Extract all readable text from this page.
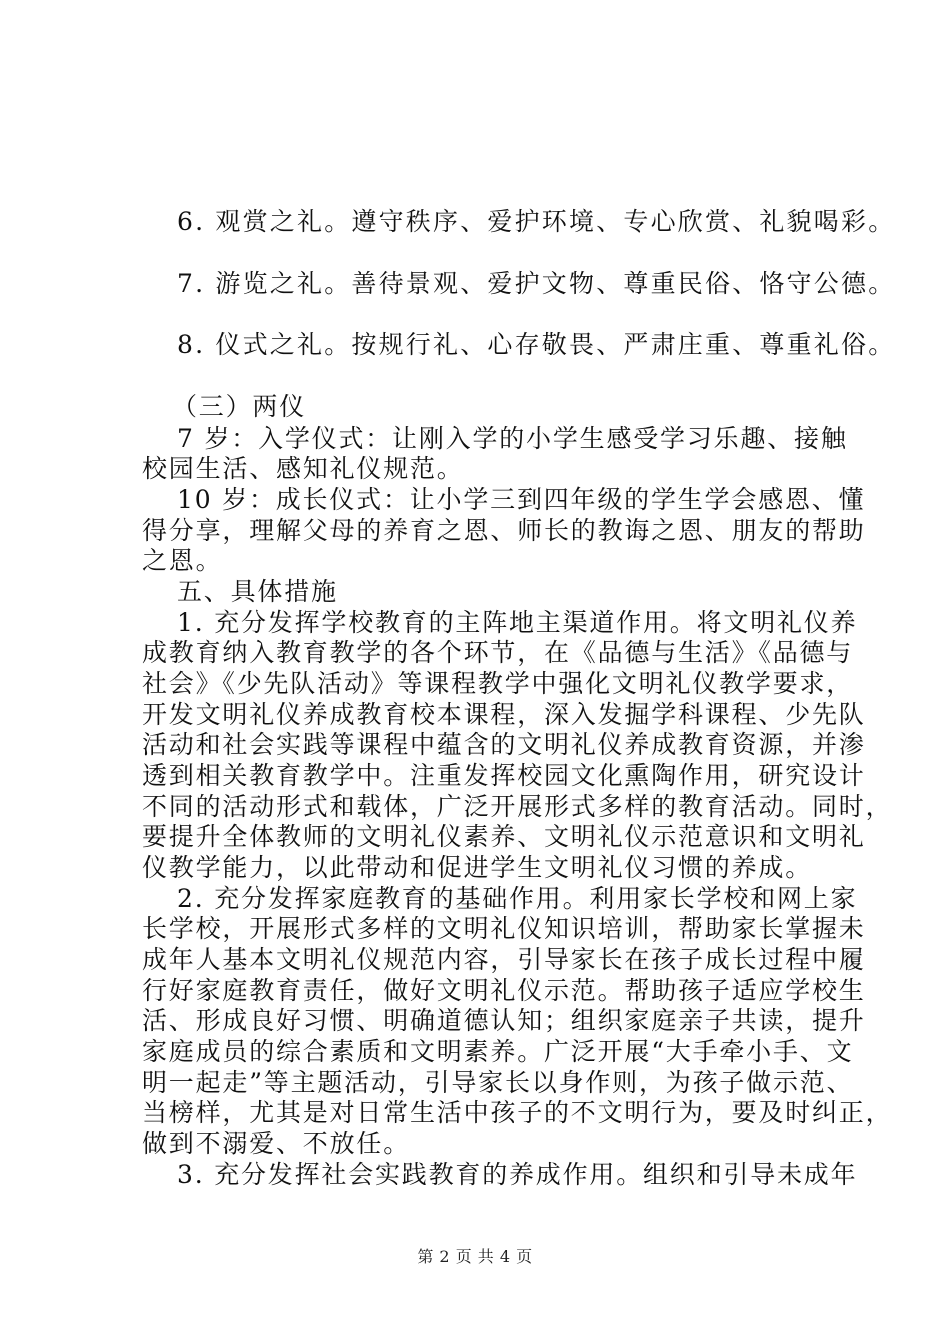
6. 观赏之礼。遵守秩序、爱护环境、专心欣赏、礼貌喝彩。
7. 游览之礼。善待景观、爱护文物、尊重民俗、恪守公德。
8. 仪式之礼。按规行礼、心存敬畏、严肃庄重、尊重礼俗。
（三）两仪
7 岁：入学仪式：让刚入学的小学生感受学习乐趣、接触
校园生活、感知礼仪规范。
10 岁：成长仪式：让小学三到四年级的学生学会感恩、懂
得分享，理解父母的养育之恩、师长的教诲之恩、朋友的帮助
之恩。
五、具体措施
1. 充分发挥学校教育的主阵地主渠道作用。将文明礼仪养
成教育纳入教育教学的各个环节，在《品德与生活》《品德与
社会》《少先队活动》等课程教学中强化文明礼仪教学要求，
开发文明礼仪养成教育校本课程，深入发掘学科课程、少先队
活动和社会实践等课程中蕴含的文明礼仪养成教育资源，并渗
透到相关教育教学中。注重发挥校园文化熏陶作用，研究设计
不同的活动形式和载体，广泛开展形式多样的教育活动。同时，
要提升全体教师的文明礼仪素养、文明礼仪示范意识和文明礼
仪教学能力，以此带动和促进学生文明礼仪习惯的养成。
2. 充分发挥家庭教育的基础作用。利用家长学校和网上家
长学校，开展形式多样的文明礼仪知识培训，帮助家长掌握未
成年人基本文明礼仪规范内容，引导家长在孩子成长过程中履
行好家庭教育责任，做好文明礼仪示范。帮助孩子适应学校生
活、形成良好习惯、明确道德认知；组织家庭亲子共读，提升
家庭成员的综合素质和文明素养。广泛开展“大手牵小手、文
明一起走”等主题活动，引导家长以身作则，为孩子做示范、
当榜样，尤其是对日常生活中孩子的不文明行为，要及时纠正，
做到不溺爱、不放任。
3. 充分发挥社会实践教育的养成作用。组织和引导未成年
第 2 页 共 4 页
